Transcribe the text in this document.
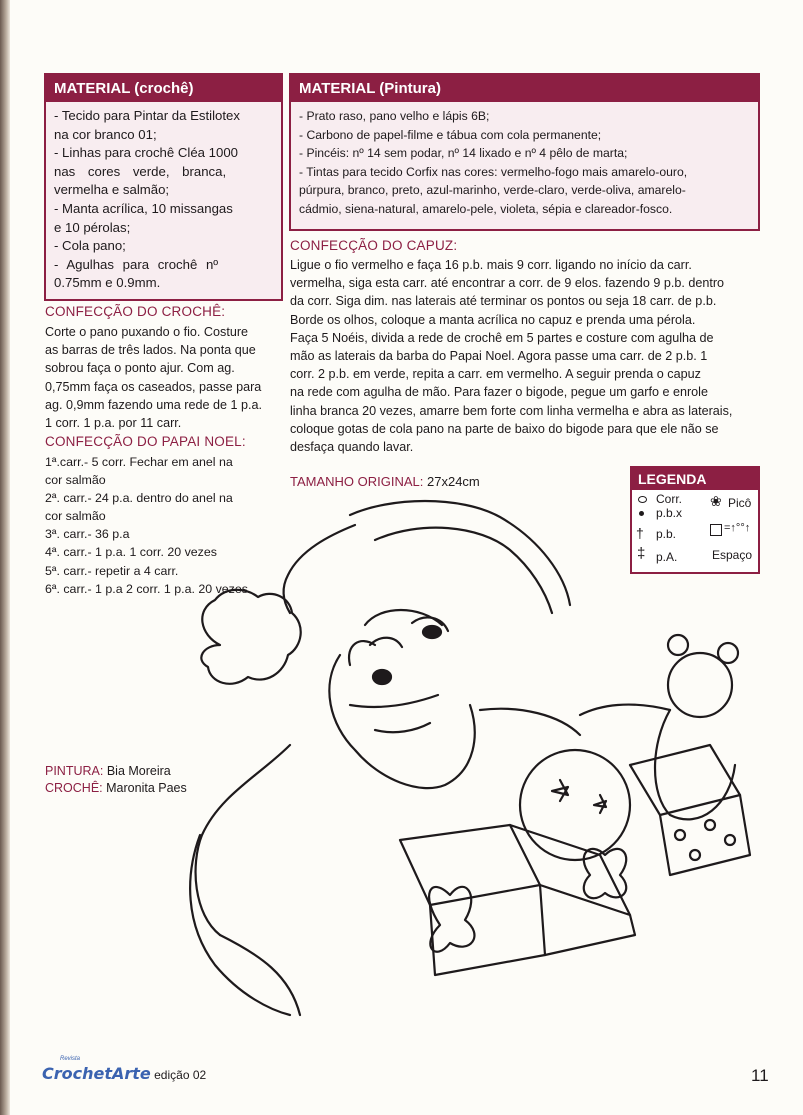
MATERIAL (crochê)
- Tecido para Pintar da Estilotex
na cor branco 01;
- Linhas para crochê Cléa 1000
nas cores verde, branca,
vermelha e salmão;
- Manta acrílica, 10 missangas
e 10 pérolas;
- Cola pano;
- Agulhas para crochê nº
0.75mm e 0.9mm.
MATERIAL (Pintura)
- Prato raso, pano velho e lápis 6B;
- Carbono de papel-filme e tábua com cola permanente;
- Pincéis: nº 14 sem podar, nº 14 lixado e nº 4 pêlo de marta;
- Tintas para tecido Corfix nas cores: vermelho-fogo mais amarelo-ouro,
púrpura, branco, preto, azul-marinho, verde-claro, verde-oliva, amarelo-
cádmio, siena-natural, amarelo-pele, violeta, sépia e clareador-fosco.
CONFECÇÃO DO CAPUZ:
Ligue o fio vermelho e faça 16 p.b. mais 9 corr. ligando no início da carr.
vermelha, siga esta carr. até encontrar a corr. de 9 elos. fazendo 9 p.b. dentro
da corr. Siga dim. nas laterais até terminar os pontos ou seja 18 carr. de p.b.
Borde os olhos, coloque a manta acrílica no capuz e prenda uma pérola.
Faça 5 Noéis, divida a rede de crochê em 5 partes e costure com agulha de
mão as laterais da barba do Papai Noel. Agora passe uma carr. de 2 p.b. 1
corr. 2 p.b. em verde, repita a carr. em vermelho. A seguir prenda o capuz
na rede com agulha de mão. Para fazer o bigode, pegue um garfo e enrole
linha branca 20 vezes, amarre bem forte com linha vermelha e abra as laterais,
coloque gotas de cola pano na parte de baixo do bigode para que ele não se
desfaça quando lavar.
CONFECÇÃO DO CROCHÊ:
Corte o pano puxando o fio. Costure
as barras de três lados. Na ponta que
sobrou faça o ponto ajur. Com ag.
0,75mm faça os caseados, passe para
ag. 0,9mm fazendo uma rede de 1 p.a.
1 corr. 1 p.a. por 11 carr.
CONFECÇÃO DO PAPAI NOEL:
1ª.carr.- 5 corr. Fechar em anel na
cor salmão
2ª. carr.- 24 p.a. dentro do anel na
cor salmão
3ª. carr.- 36 p.a
4ª. carr.- 1 p.a. 1 corr. 20 vezes
5ª. carr.- repetir a 4 carr.
6ª. carr.- 1 p.a 2 corr. 1 p.a. 20 vezes
TAMANHO ORIGINAL: 27x24cm	LEGENDA
Corr.
p.b.x
† p.b.
‡ p.A.
❀ Picô
=↑°°↑
Espaço
PINTURA: Bia Moreira
CROCHÊ: Maronita Paes
Revista
CrochetArte edição 02	11
